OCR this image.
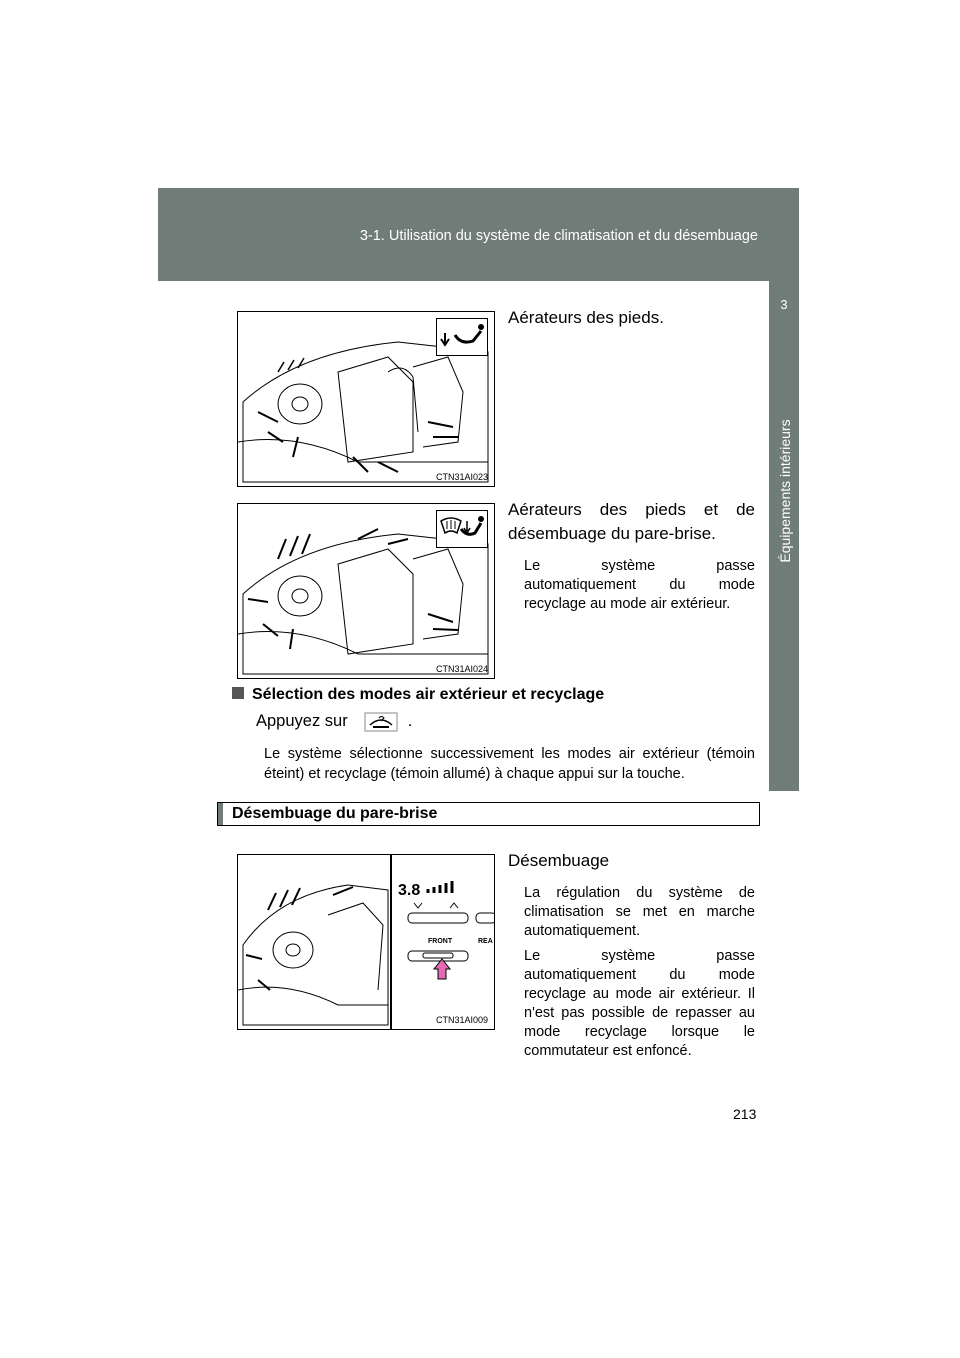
3-1. Utilisation du système de climatisation et du désembuage
3
Équipements intérieurs
CTN31AI023
Aérateurs des pieds.
CTN31AI024
Aérateurs des pieds et de
désembuage du pare-brise.
Le système passe
automatiquement du mode
recyclage au mode air extérieur.
Sélection des modes air extérieur et recyclage
Appuyez sur	.
Le système sélectionne successivement les modes air extérieur (témoin
éteint) et recyclage (témoin allumé) à chaque appui sur la touche.
Désembuage du pare-brise
3.8
FRONT	REA
CTN31AI009
Désembuage
La régulation du système de
climatisation se met en marche
automatiquement.
Le système passe
automatiquement du mode
recyclage au mode air extérieur. Il
n'est pas possible de repasser au
mode recyclage lorsque le
commutateur est enfoncé.
213
